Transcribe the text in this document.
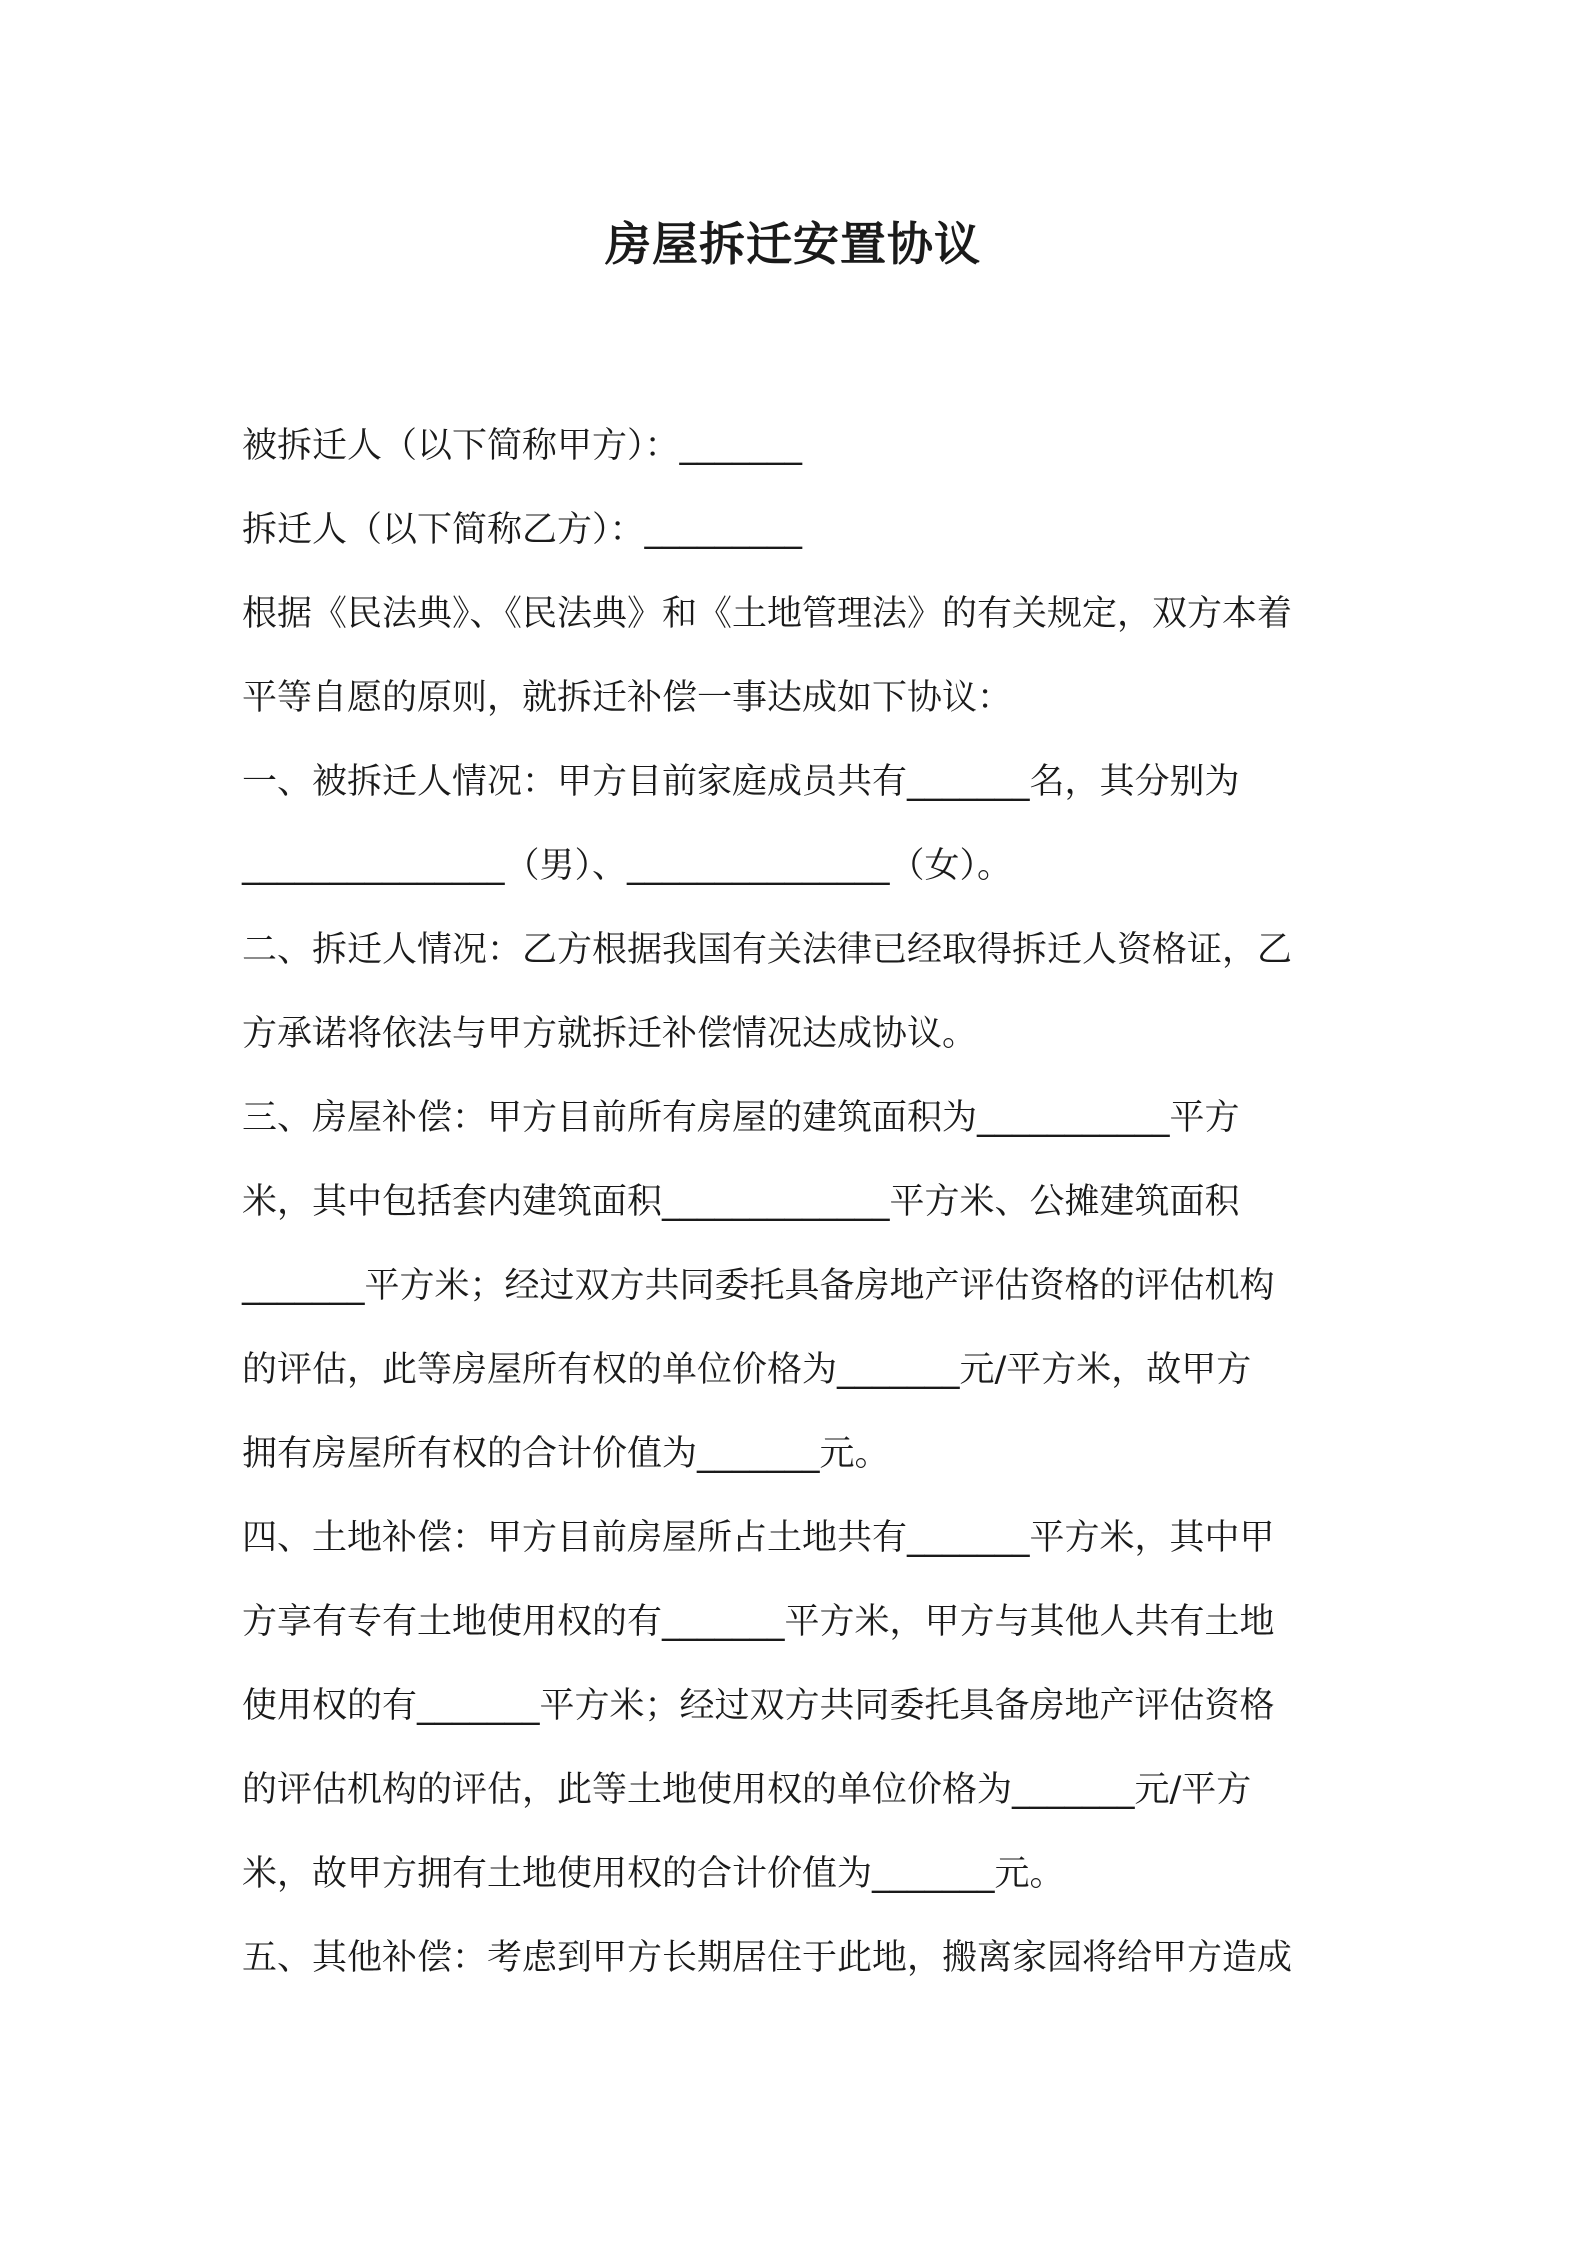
房屋拆迁安置协议
被拆迁人（以下简称甲方）：_______
拆迁人（以下简称乙方）：_________
根据《民法典》、《民法典》和《土地管理法》的有关规定，双方本着
平等自愿的原则，就拆迁补偿一事达成如下协议：
一、被拆迁人情况：甲方目前家庭成员共有_______名，其分别为
_______________（男）、_______________（女）。
二、拆迁人情况：乙方根据我国有关法律已经取得拆迁人资格证，乙
方承诺将依法与甲方就拆迁补偿情况达成协议。
三、房屋补偿：甲方目前所有房屋的建筑面积为___________平方
米，其中包括套内建筑面积_____________平方米、公摊建筑面积
_______平方米；经过双方共同委托具备房地产评估资格的评估机构
的评估，此等房屋所有权的单位价格为_______元/平方米，故甲方
拥有房屋所有权的合计价值为_______元。
四、土地补偿：甲方目前房屋所占土地共有_______平方米，其中甲
方享有专有土地使用权的有_______平方米，甲方与其他人共有土地
使用权的有_______平方米；经过双方共同委托具备房地产评估资格
的评估机构的评估，此等土地使用权的单位价格为_______元/平方
米，故甲方拥有土地使用权的合计价值为_______元。
五、其他补偿：考虑到甲方长期居住于此地，搬离家园将给甲方造成
